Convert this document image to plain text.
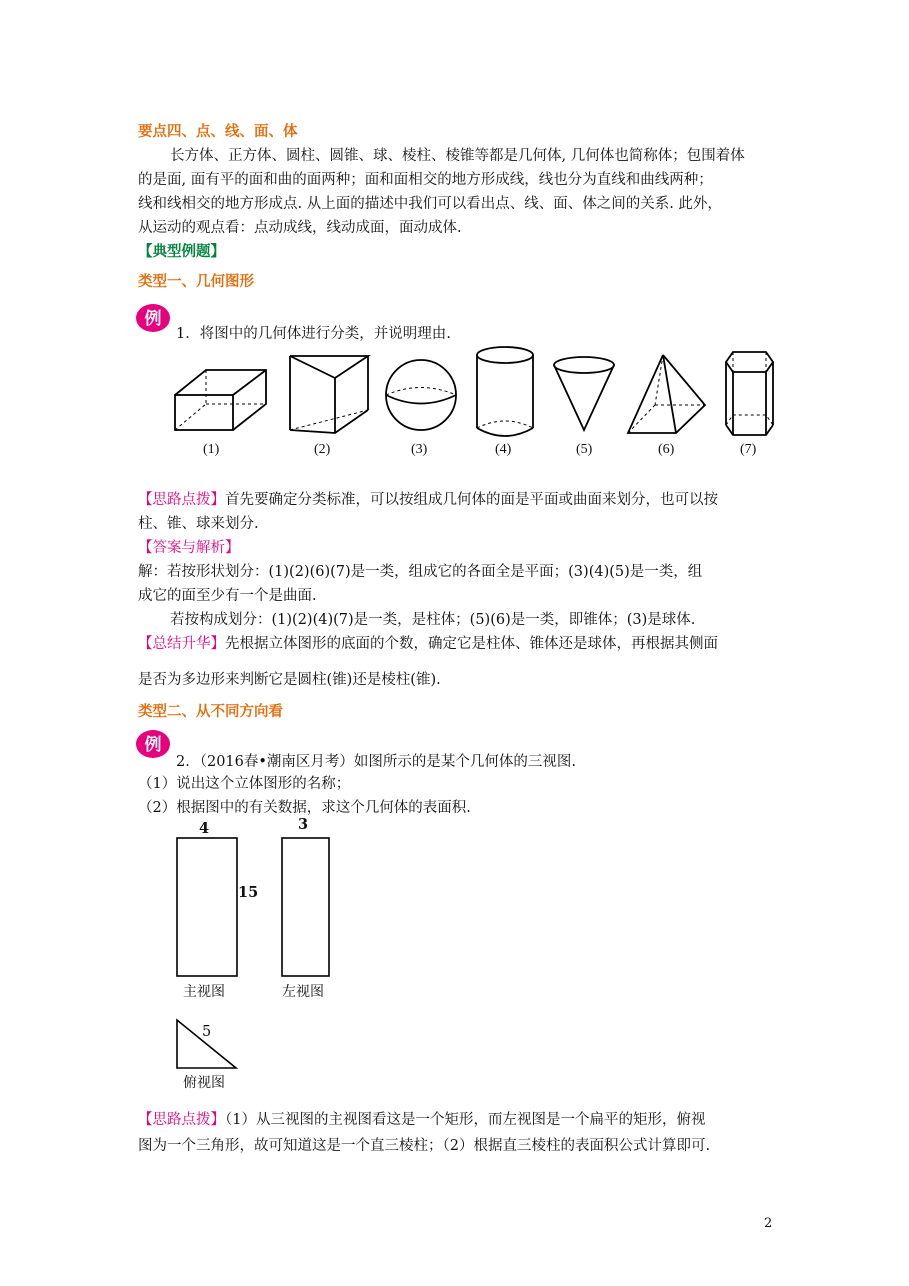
要点四、点、线、面、体
长方体、正方体、圆柱、圆锥、球、棱柱、棱锥等都是几何体, 几何体也简称体；包围着体
的是面, 面有平的面和曲的面两种；面和面相交的地方形成线，线也分为直线和曲线两种；
线和线相交的地方形成点. 从上面的描述中我们可以看出点、线、面、体之间的关系. 此外，
从运动的观点看：点动成线，线动成面，面动成体.
【典型例题】
类型一、几何图形
例
1．将图中的几何体进行分类，并说明理由.
(1)	(2)	(3)	(4)	(5)	(6)	(7)
【思路点拨】首先要确定分类标准，可以按组成几何体的面是平面或曲面来划分，也可以按
柱、锥、球来划分.
【答案与解析】
解：若按形状划分：(1)(2)(6)(7)是一类，组成它的各面全是平面；(3)(4)(5)是一类，组
成它的面至少有一个是曲面.
若按构成划分：(1)(2)(4)(7)是一类，是柱体；(5)(6)是一类，即锥体；(3)是球体.
【总结升华】先根据立体图形的底面的个数，确定它是柱体、锥体还是球体，再根据其侧面
是否为多边形来判断它是圆柱(锥)还是棱柱(锥).
类型二、从不同方向看
例
2．（2016春•潮南区月考）如图所示的是某个几何体的三视图.
（1）说出这个立体图形的名称；
（2）根据图中的有关数据，求这个几何体的表面积.
4	3
15
5
主视图	左视图
俯视图
【思路点拨】（1）从三视图的主视图看这是一个矩形，而左视图是一个扁平的矩形，俯视
图为一个三角形，故可知道这是一个直三棱柱；（2）根据直三棱柱的表面积公式计算即可.
2
